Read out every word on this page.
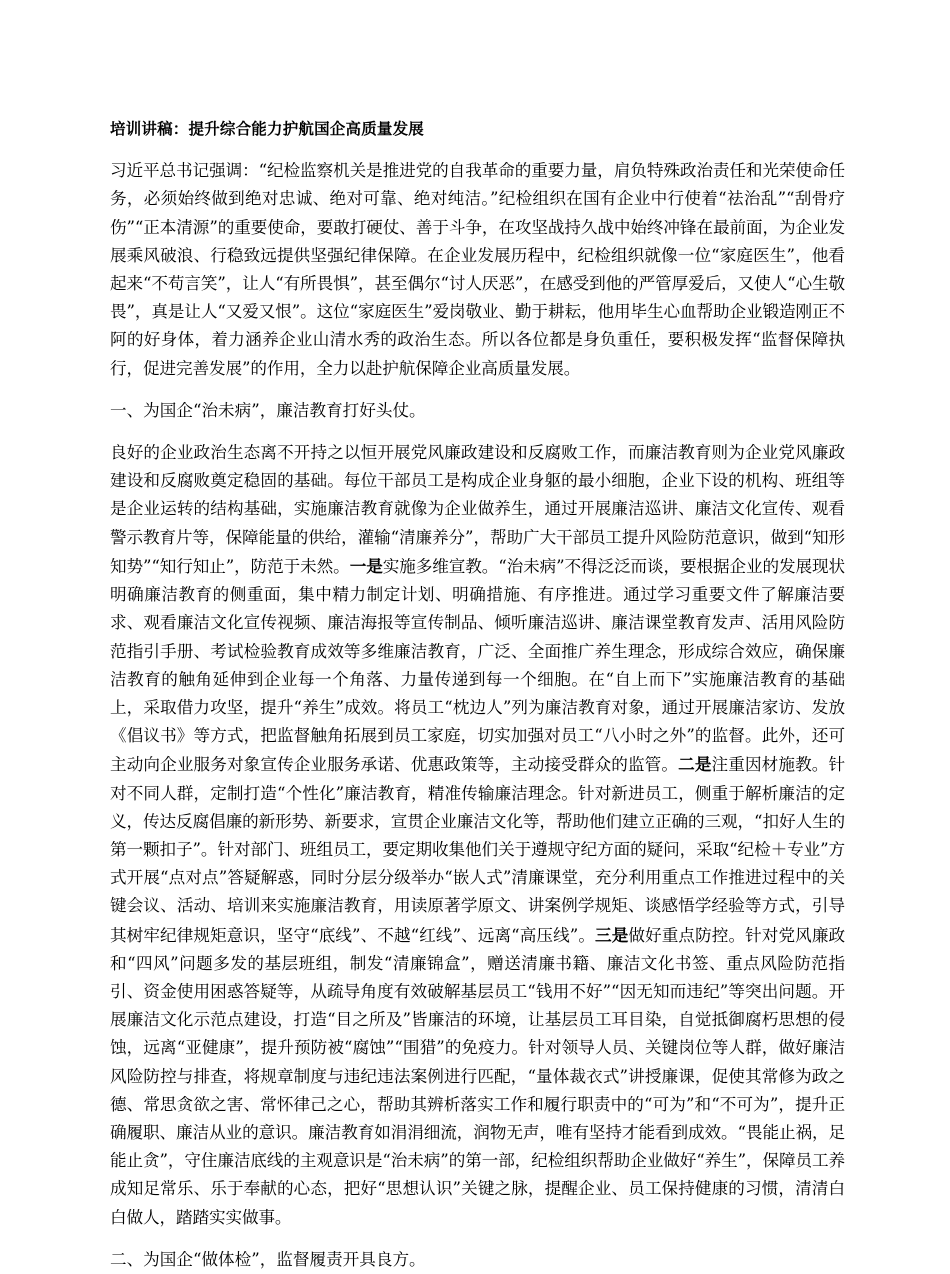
培训讲稿：提升综合能力护航国企高质量发展

习近平总书记强调：“纪检监察机关是推进党的自我革命的重要力量，肩负特殊政治责任和光荣使命任务，必须始终做到绝对忠诚、绝对可靠、绝对纯洁。”纪检组织在国有企业中行使着“祛治乱”“刮骨疗伤”“正本清源”的重要使命，要敢打硬仗、善于斗争，在攻坚战持久战中始终冲锋在最前面，为企业发展乘风破浪、行稳致远提供坚强纪律保障。在企业发展历程中，纪检组织就像一位“家庭医生”，他看起来“不苟言笑”，让人“有所畏惧”，甚至偶尔“讨人厌恶”，在感受到他的严管厚爱后，又使人“心生敬畏”，真是让人“又爱又恨”。这位“家庭医生”爱岗敬业、勤于耕耘，他用毕生心血帮助企业锻造刚正不阿的好身体，着力涵养企业山清水秀的政治生态。所以各位都是身负重任，要积极发挥“监督保障执行，促进完善发展”的作用，全力以赴护航保障企业高质量发展。

一、为国企“治未病”，廉洁教育打好头仗。

良好的企业政治生态离不开持之以恒开展党风廉政建设和反腐败工作，而廉洁教育则为企业党风廉政建设和反腐败奠定稳固的基础。每位干部员工是构成企业身躯的最小细胞，企业下设的机构、班组等是企业运转的结构基础，实施廉洁教育就像为企业做养生，通过开展廉洁巡讲、廉洁文化宣传、观看警示教育片等，保障能量的供给，灌输“清廉养分”，帮助广大干部员工提升风险防范意识，做到“知形知势”“知行知止”，防范于未然。一是实施多维宣教。“治未病”不得泛泛而谈，要根据企业的发展现状明确廉洁教育的侧重面，集中精力制定计划、明确措施、有序推进。通过学习重要文件了解廉洁要求、观看廉洁文化宣传视频、廉洁海报等宣传制品、倾听廉洁巡讲、廉洁课堂教育发声、活用风险防范指引手册、考试检验教育成效等多维廉洁教育，广泛、全面推广养生理念，形成综合效应，确保廉洁教育的触角延伸到企业每一个角落、力量传递到每一个细胞。在“自上而下”实施廉洁教育的基础上，采取借力攻坚，提升“养生”成效。将员工“枕边人”列为廉洁教育对象，通过开展廉洁家访、发放《倡议书》等方式，把监督触角拓展到员工家庭，切实加强对员工“八小时之外”的监督。此外，还可主动向企业服务对象宣传企业服务承诺、优惠政策等，主动接受群众的监管。二是注重因材施教。针对不同人群，定制打造“个性化”廉洁教育，精准传输廉洁理念。针对新进员工，侧重于解析廉洁的定义，传达反腐倡廉的新形势、新要求，宣贯企业廉洁文化等，帮助他们建立正确的三观，“扣好人生的第一颗扣子”。针对部门、班组员工，要定期收集他们关于遵规守纪方面的疑问，采取“纪检＋专业”方式开展“点对点”答疑解惑，同时分层分级举办“嵌人式”清廉课堂，充分利用重点工作推进过程中的关键会议、活动、培训来实施廉洁教育，用读原著学原文、讲案例学规矩、谈感悟学经验等方式，引导其树牢纪律规矩意识，坚守“底线”、不越“红线”、远离“高压线”。三是做好重点防控。针对党风廉政和“四风”问题多发的基层班组，制发“清廉锦盒”，赠送清廉书籍、廉洁文化书签、重点风险防范指引、资金使用困惑答疑等，从疏导角度有效破解基层员工“钱用不好”“因无知而违纪”等突出问题。开展廉洁文化示范点建设，打造“目之所及”皆廉洁的环境，让基层员工耳目染，自觉抵御腐朽思想的侵蚀，远离“亚健康”，提升预防被“腐蚀”“围猎”的免疫力。针对领导人员、关键岗位等人群，做好廉洁风险防控与排查，将规章制度与违纪违法案例进行匹配，“量体裁衣式”讲授廉课，促使其常修为政之德、常思贪欲之害、常怀律己之心，帮助其辨析落实工作和履行职责中的“可为”和“不可为”，提升正确履职、廉洁从业的意识。廉洁教育如涓涓细流，润物无声，唯有坚持才能看到成效。“畏能止祸，足能止贪”，守住廉洁底线的主观意识是“治未病”的第一部，纪检组织帮助企业做好“养生”，保障员工养成知足常乐、乐于奉献的心态，把好“思想认识”关键之脉，提醒企业、员工保持健康的习惯，清清白白做人，踏踏实实做事。

二、为国企“做体检”，监督履责开具良方。
